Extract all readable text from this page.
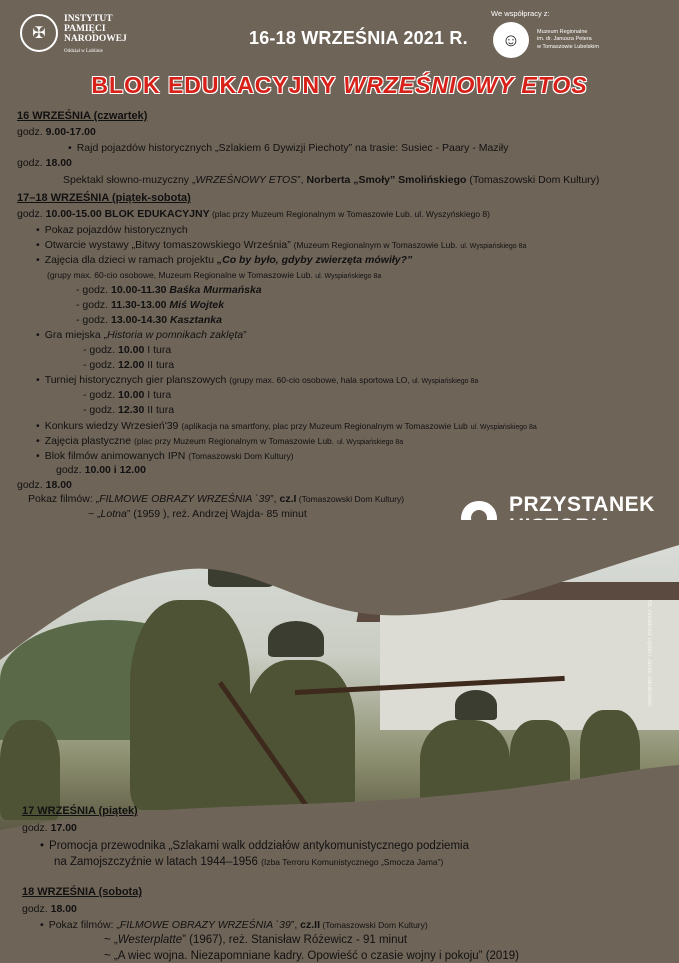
✠
INSTYTUT
PAMIĘCI
NARODOWEJ
Oddział w Lublinie
16-18 WRZEŚNIA 2021 R.
We współpracy z:
☺	Muzeum Regionalne
im. dr. Janusza Petera
w Tomaszowie Lubelskim
BLOK EDUKACYJNY WRZEŚNIOWY ETOS
16 WRZEŚNIA (czwartek)
godz. 9.00-17.00
• Rajd pojazdów historycznych „Szlakiem 6 Dywizji Piechoty” na trasie: Susiec - Paary - Maziły
godz. 18.00
Spektakl słowno-muzyczny „WRZEŚNOWY ETOS”, Norberta „Smoły” Smolińskiego (Tomaszowski Dom Kultury)
17–18 WRZEŚNIA (piątek-sobota)
godz. 10.00-15.00 BLOK EDUKACYJNY (plac przy Muzeum Regionalnym w Tomaszowie Lub. ul. Wyszyńskiego 8)
• Pokaz pojazdów historycznych
• Otwarcie wystawy „Bitwy tomaszowskiego Września” (Muzeum Regionalnym w Tomaszowie Lub. ul. Wyspiańskiego 8a
• Zajęcia dla dzieci w ramach projektu „Co by było, gdyby zwierzęta mówiły?”
(grupy max. 60-cio osobowe, Muzeum Regionalne w Tomaszowie Lub. ul. Wyspiańskiego 8a
- godz. 10.00-11.30 Baśka Murmańska
- godz. 11.30-13.00 Miś Wojtek
- godz. 13.00-14.30 Kasztanka
• Gra miejska „Historia w pomnikach zaklęta”
- godz. 10.00 I tura
- godz. 12.00 II tura
• Turniej historycznych gier planszowych (grupy max. 60-cio osobowe, hala sportowa LO, ul. Wyspiańskiego 8a
- godz. 10.00 I tura
- godz. 12.30 II tura
• Konkurs wiedzy Wrzesień'39 (aplikacja na smartfony, plac przy Muzeum Regionalnym w Tomaszowie Lub ul. Wyspiańskiego 8a
• Zajęcia plastyczne (plac przy Muzeum Regionalnym w Tomaszowie Lub. ul. Wyspiańskiego 8a
• Blok filmów animowanych IPN (Tomaszowski Dom Kultury)
godz. 10.00 i 12.00
godz. 18.00
Pokaz filmów: „FILMOWE OBRAZY WRZEŚNIA `39”, cz.I (Tomaszowski Dom Kultury)
~ „Lotna” (1959 ), reż. Andrzej Wajda- 85 minut	PRZYSTANEK
fot. Arkadiusz Lipski / Jacek Jakubowski
17 WRZEŚNIA (piątek)
godz. 17.00
• Promocja przewodnika „Szlakami walk oddziałów antykomunistycznego podziemia
na Zamojszczyźnie w latach 1944–1956 (Izba Terroru Komunistycznego „Smocza Jama”)
18 WRZEŚNIA (sobota)
godz. 18.00
• Pokaz filmów: „FILMOWE OBRAZY WRZEŚNIA `39”, cz.II (Tomaszowski Dom Kultury)
~ „Westerplatte” (1967), reż. Stanisław Różewicz - 91 minut
~ „A wiec wojna. Niezapomniane kadry. Opowieść o czasie wojny i pokoju” (2019)
